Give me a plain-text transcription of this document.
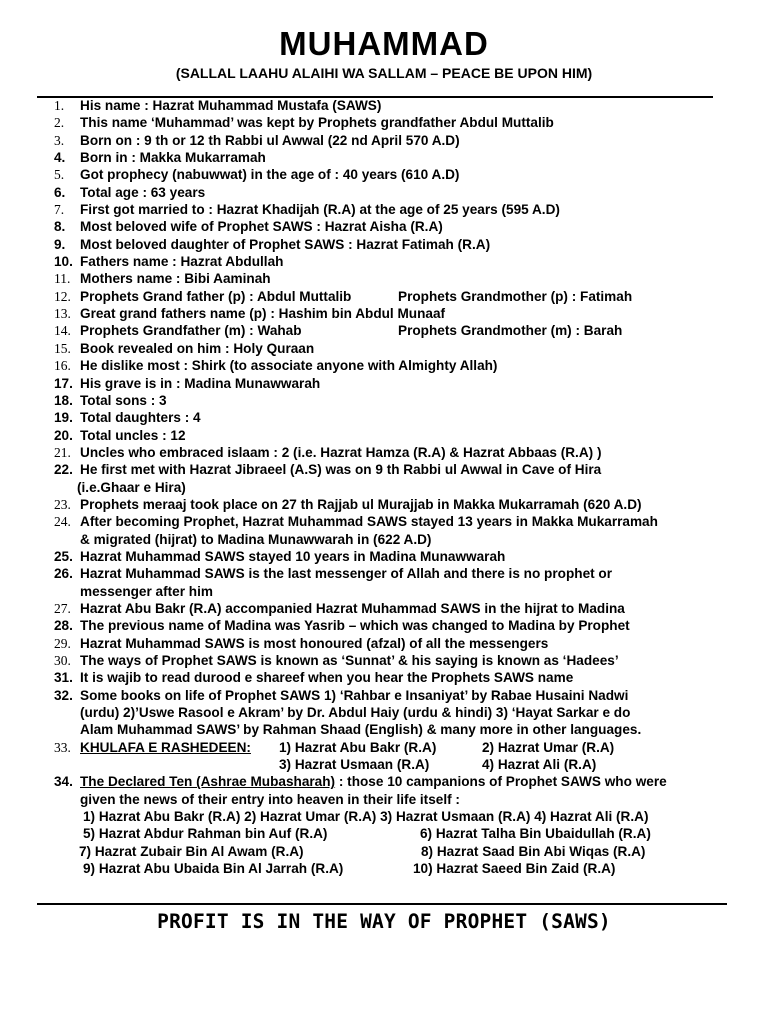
MUHAMMAD
(SALLAL LAAHU ALAIHI WA SALLAM – PEACE BE UPON HIM)
1.	His name : Hazrat Muhammad Mustafa (SAWS)
2.	This name ‘Muhammad’ was kept by Prophets grandfather Abdul Muttalib
3.	Born on : 9 th or 12 th Rabbi ul Awwal (22 nd April 570 A.D)
4.	Born in : Makka Mukarramah
5.	Got prophecy (nabuwwat) in the age of : 40 years (610 A.D)
6.	Total age : 63 years
7.	First got married to : Hazrat Khadijah (R.A) at the age of 25 years (595 A.D)
8.	Most beloved wife of Prophet SAWS : Hazrat Aisha (R.A)
9.	Most beloved daughter of Prophet SAWS : Hazrat Fatimah (R.A)
10. Fathers name : Hazrat Abdullah
11. Mothers name : Bibi Aaminah
12. Prophets Grand father (p) : Abdul Muttalib	Prophets Grandmother (p) : Fatimah
13. Great grand fathers name (p) : Hashim bin Abdul Munaaf
14. Prophets Grandfather (m) : Wahab	Prophets Grandmother (m) : Barah
15. Book revealed on him : Holy Quraan
16. He dislike most : Shirk (to associate anyone with Almighty Allah)
17. His grave is in : Madina Munawwarah
18. Total sons : 3
19. Total daughters : 4
20. Total uncles : 12
21. Uncles who embraced islaam : 2 (i.e. Hazrat Hamza (R.A) & Hazrat Abbaas (R.A) )
22. He first met with Hazrat Jibraeel (A.S) was on 9 th Rabbi ul Awwal in Cave of Hira
(i.e.Ghaar e Hira)
23. Prophets meraaj took place on 27 th Rajjab ul Murajjab in Makka Mukarramah (620 A.D)
24. After becoming Prophet, Hazrat Muhammad SAWS stayed 13 years in Makka Mukarramah
& migrated (hijrat) to Madina Munawwarah in (622 A.D)
25. Hazrat Muhammad SAWS stayed 10 years in Madina Munawwarah
26. Hazrat Muhammad SAWS is the last messenger of Allah and there is no prophet or
messenger after him
27. Hazrat Abu Bakr (R.A) accompanied Hazrat Muhammad SAWS in the hijrat to Madina
28. The previous name of Madina was Yasrib – which was changed to Madina by Prophet
29. Hazrat Muhammad SAWS is most honoured (afzal) of all the messengers
30. The ways of Prophet SAWS is known as ‘Sunnat’ & his saying is known as ‘Hadees’
31. It is wajib to read durood e shareef when you hear the Prophets SAWS name
32. Some books on life of Prophet SAWS 1) ‘Rahbar e Insaniyat’ by Rabae Husaini Nadwi
(urdu) 2)’Uswe Rasool e Akram’ by Dr. Abdul Haiy (urdu & hindi) 3) ‘Hayat Sarkar e do
Alam Muhammad SAWS’ by Rahman Shaad (English) & many more in other languages.
33. KHULAFA E RASHEDEEN: 1) Hazrat Abu Bakr (R.A)	2) Hazrat Umar (R.A)
3) Hazrat Usmaan (R.A)	4) Hazrat Ali (R.A)
34. The Declared Ten (Ashrae Mubasharah) : those 10 campanions of Prophet SAWS who were
given the news of their entry into heaven in their life itself :
1) Hazrat Abu Bakr (R.A) 2) Hazrat Umar (R.A) 3) Hazrat Usmaan (R.A) 4) Hazrat Ali (R.A)
5) Hazrat Abdur Rahman bin Auf (R.A)	6) Hazrat Talha Bin Ubaidullah (R.A)
7) Hazrat Zubair Bin Al Awam (R.A)	8) Hazrat Saad Bin Abi Wiqas (R.A)
9) Hazrat Abu Ubaida Bin Al Jarrah (R.A)	10) Hazrat Saeed Bin Zaid (R.A)
PROFIT IS IN THE WAY OF PROPHET (SAWS)
